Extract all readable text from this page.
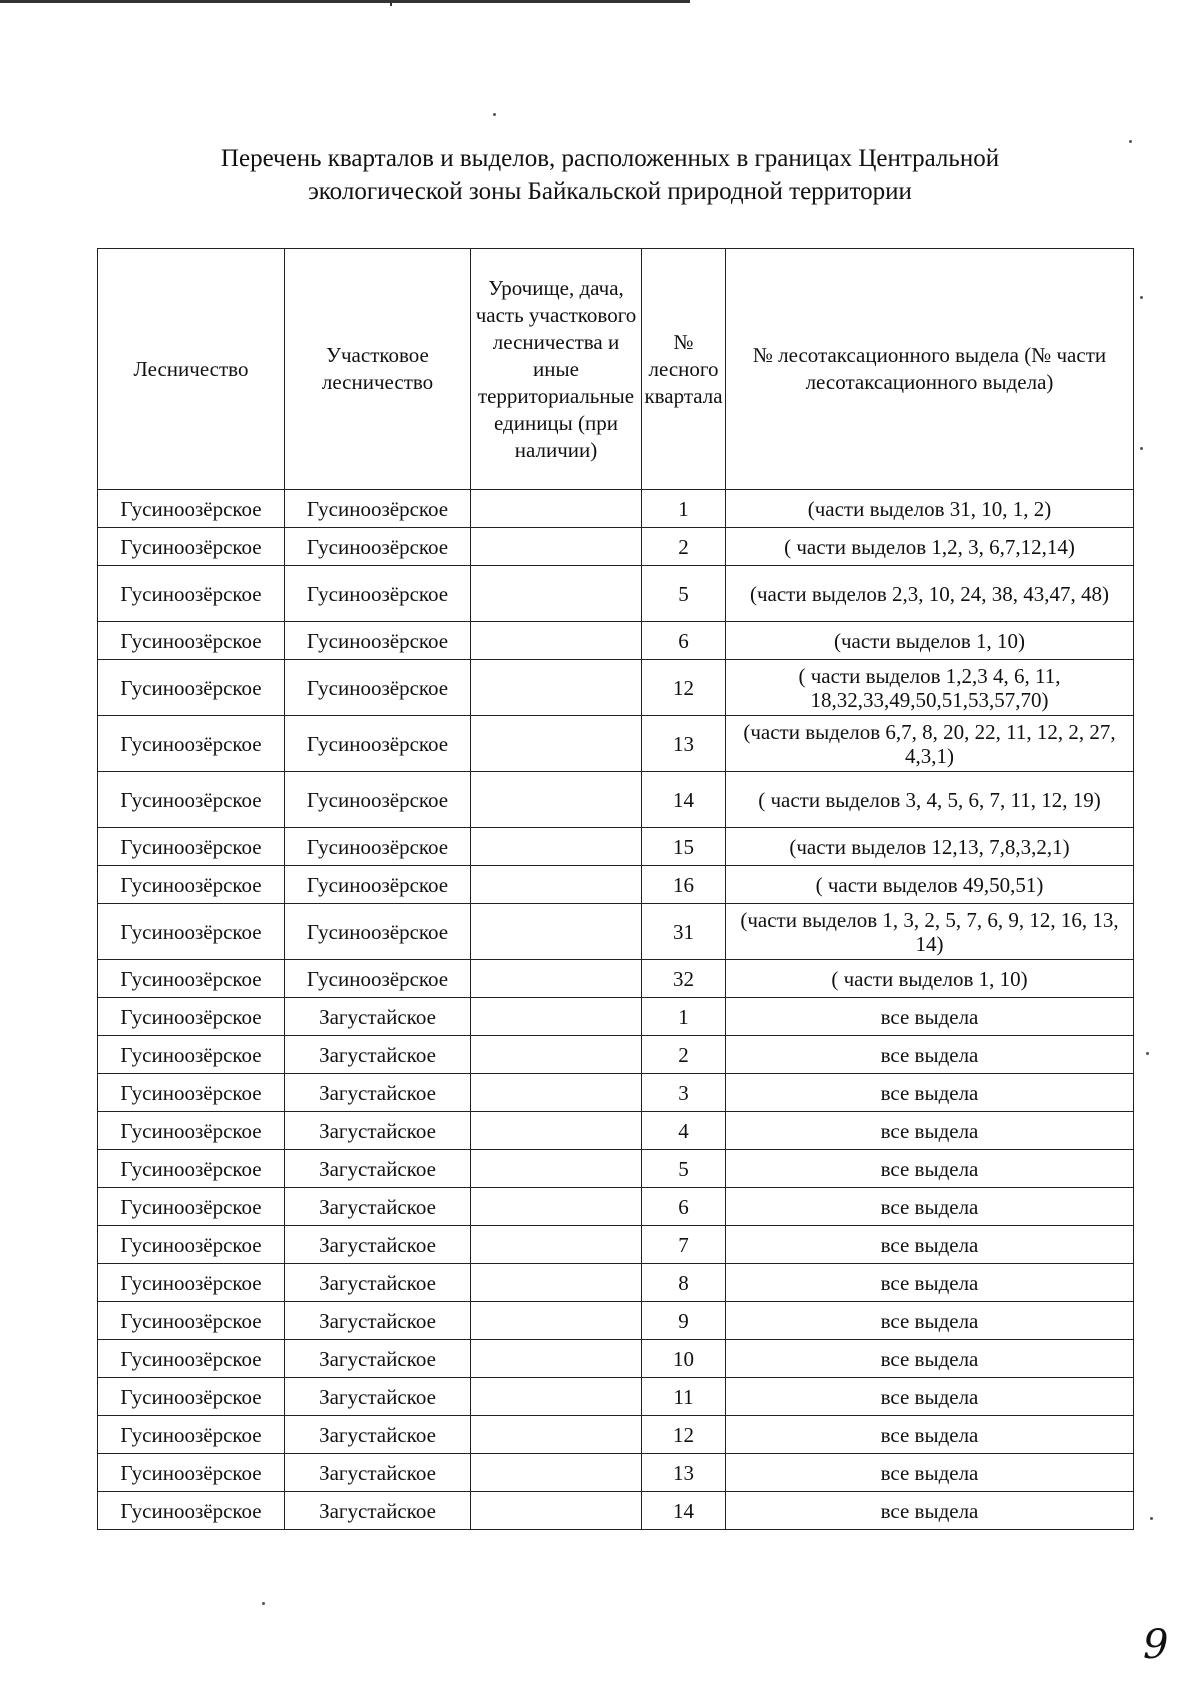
Перечень кварталов и выделов, расположенных в границах Центральной
экологической зоны Байкальской природной территории
Лесничество	Участковое лесничество	Урочище, дача, часть участкового лесничества и иные территориальные единицы (при наличии)	№ лесного квартала	№ лесотаксационного выдела (№ части лесотаксационного выдела)
Гусиноозёрское	Гусиноозёрское		1	(части выделов 31, 10, 1, 2)
Гусиноозёрское	Гусиноозёрское		2	( части выделов 1,2, 3, 6,7,12,14)
Гусиноозёрское	Гусиноозёрское		5	(части выделов 2,3, 10, 24, 38, 43,47, 48)
Гусиноозёрское	Гусиноозёрское		6	(части выделов 1, 10)
Гусиноозёрское	Гусиноозёрское		12	( части выделов 1,2,3 4, 6, 11, 18,32,33,49,50,51,53,57,70)
Гусиноозёрское	Гусиноозёрское		13	(части выделов 6,7, 8, 20, 22, 11, 12, 2, 27, 4,3,1)
Гусиноозёрское	Гусиноозёрское		14	( части выделов 3, 4, 5, 6, 7, 11, 12, 19)
Гусиноозёрское	Гусиноозёрское		15	(части выделов 12,13, 7,8,3,2,1)
Гусиноозёрское	Гусиноозёрское		16	( части выделов 49,50,51)
Гусиноозёрское	Гусиноозёрское		31	(части выделов 1, 3, 2, 5, 7, 6, 9, 12, 16, 13, 14)
Гусиноозёрское	Гусиноозёрское		32	( части выделов 1, 10)
Гусиноозёрское	Загустайское		1	все выдела
Гусиноозёрское	Загустайское		2	все выдела
Гусиноозёрское	Загустайское		3	все выдела
Гусиноозёрское	Загустайское		4	все выдела
Гусиноозёрское	Загустайское		5	все выдела
Гусиноозёрское	Загустайское		6	все выдела
Гусиноозёрское	Загустайское		7	все выдела
Гусиноозёрское	Загустайское		8	все выдела
Гусиноозёрское	Загустайское		9	все выдела
Гусиноозёрское	Загустайское		10	все выдела
Гусиноозёрское	Загустайское		11	все выдела
Гусиноозёрское	Загустайское		12	все выдела
Гусиноозёрское	Загустайское		13	все выдела
Гусиноозёрское	Загустайское		14	все выдела
9
